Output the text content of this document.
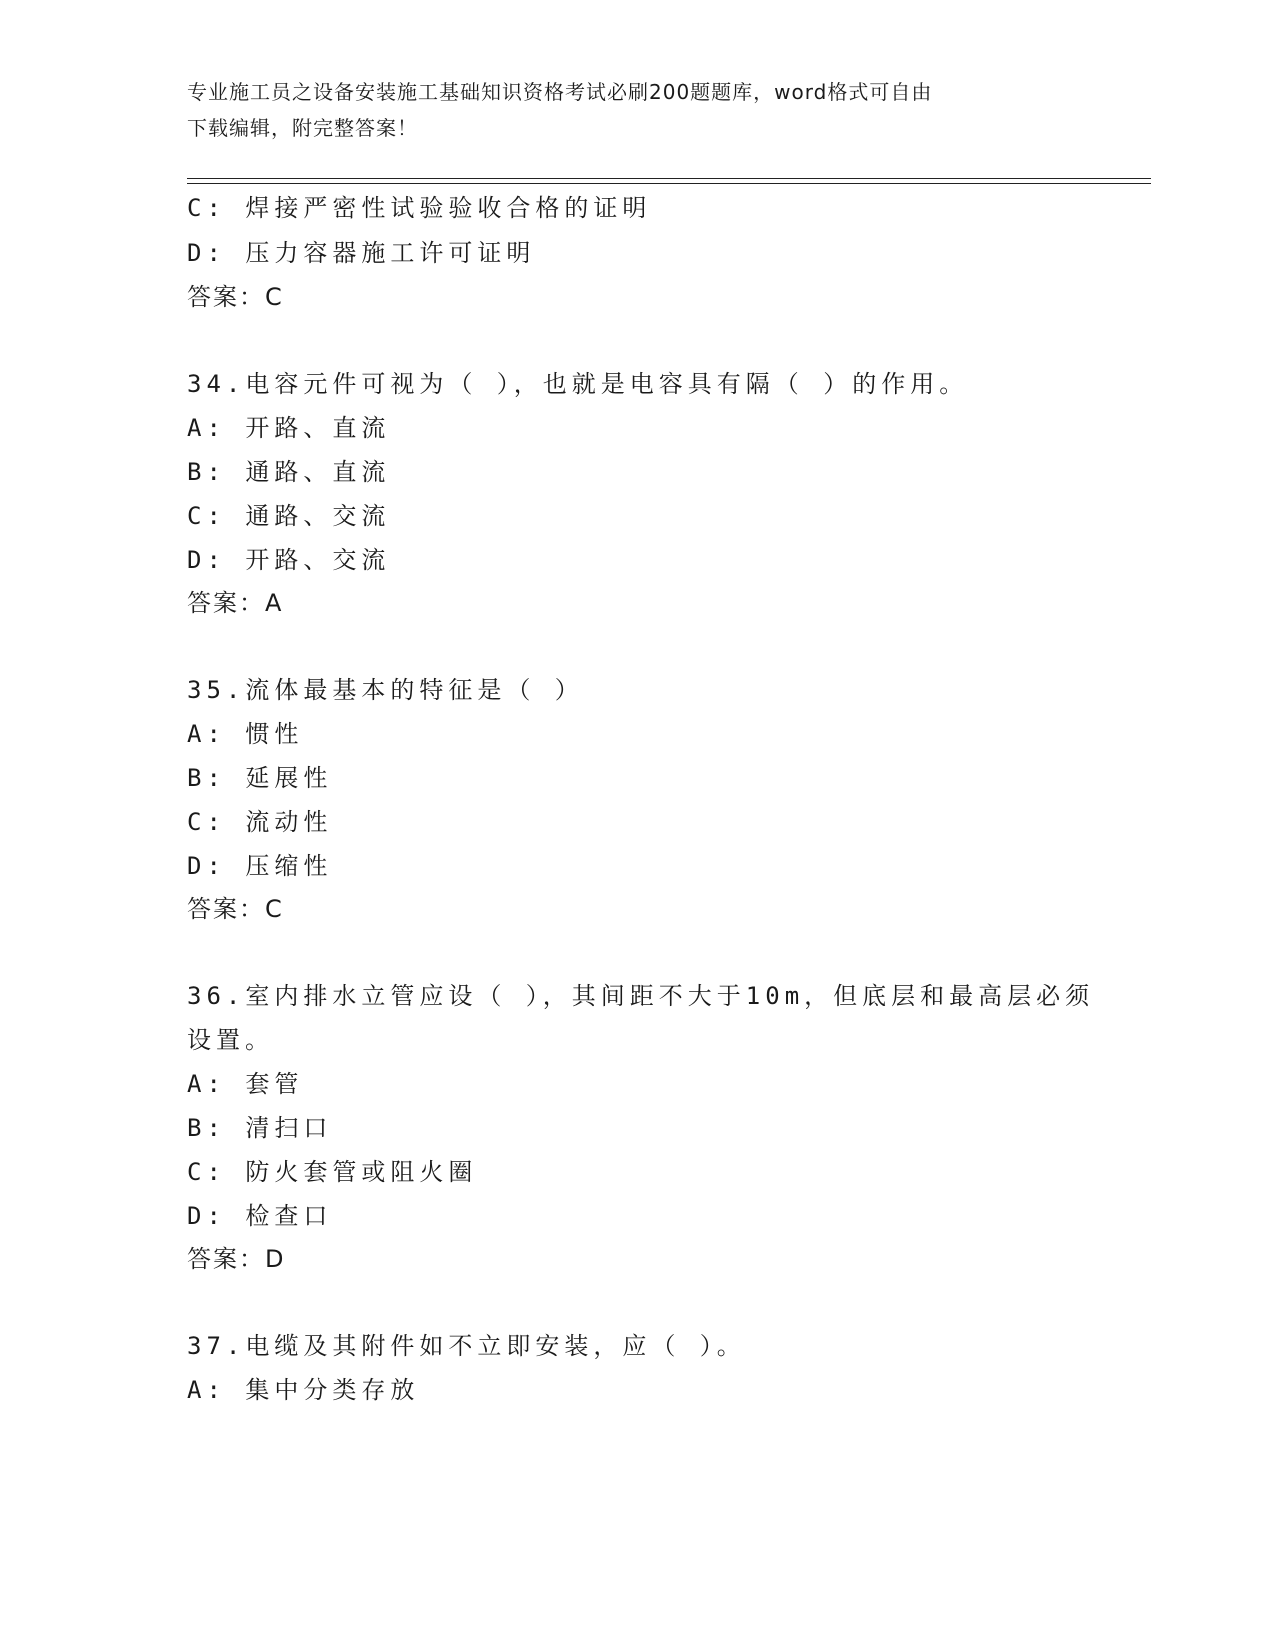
专业施工员之设备安装施工基础知识资格考试必刷200题题库，word格式可自由
下载编辑，附完整答案！
C: 焊接严密性试验验收合格的证明
D: 压力容器施工许可证明
答案：C
34.电容元件可视为（ ），也就是电容具有隔（ ）的作用。
A: 开路、直流
B: 通路、直流
C: 通路、交流
D: 开路、交流
答案：A
35.流体最基本的特征是（ ）
A: 惯性
B: 延展性
C: 流动性
D: 压缩性
答案：C
36.室内排水立管应设（ ），其间距不大于10m，但底层和最高层必须
设置。
A: 套管
B: 清扫口
C: 防火套管或阻火圈
D: 检查口
答案：D
37.电缆及其附件如不立即安装，应（ ）。
A: 集中分类存放
